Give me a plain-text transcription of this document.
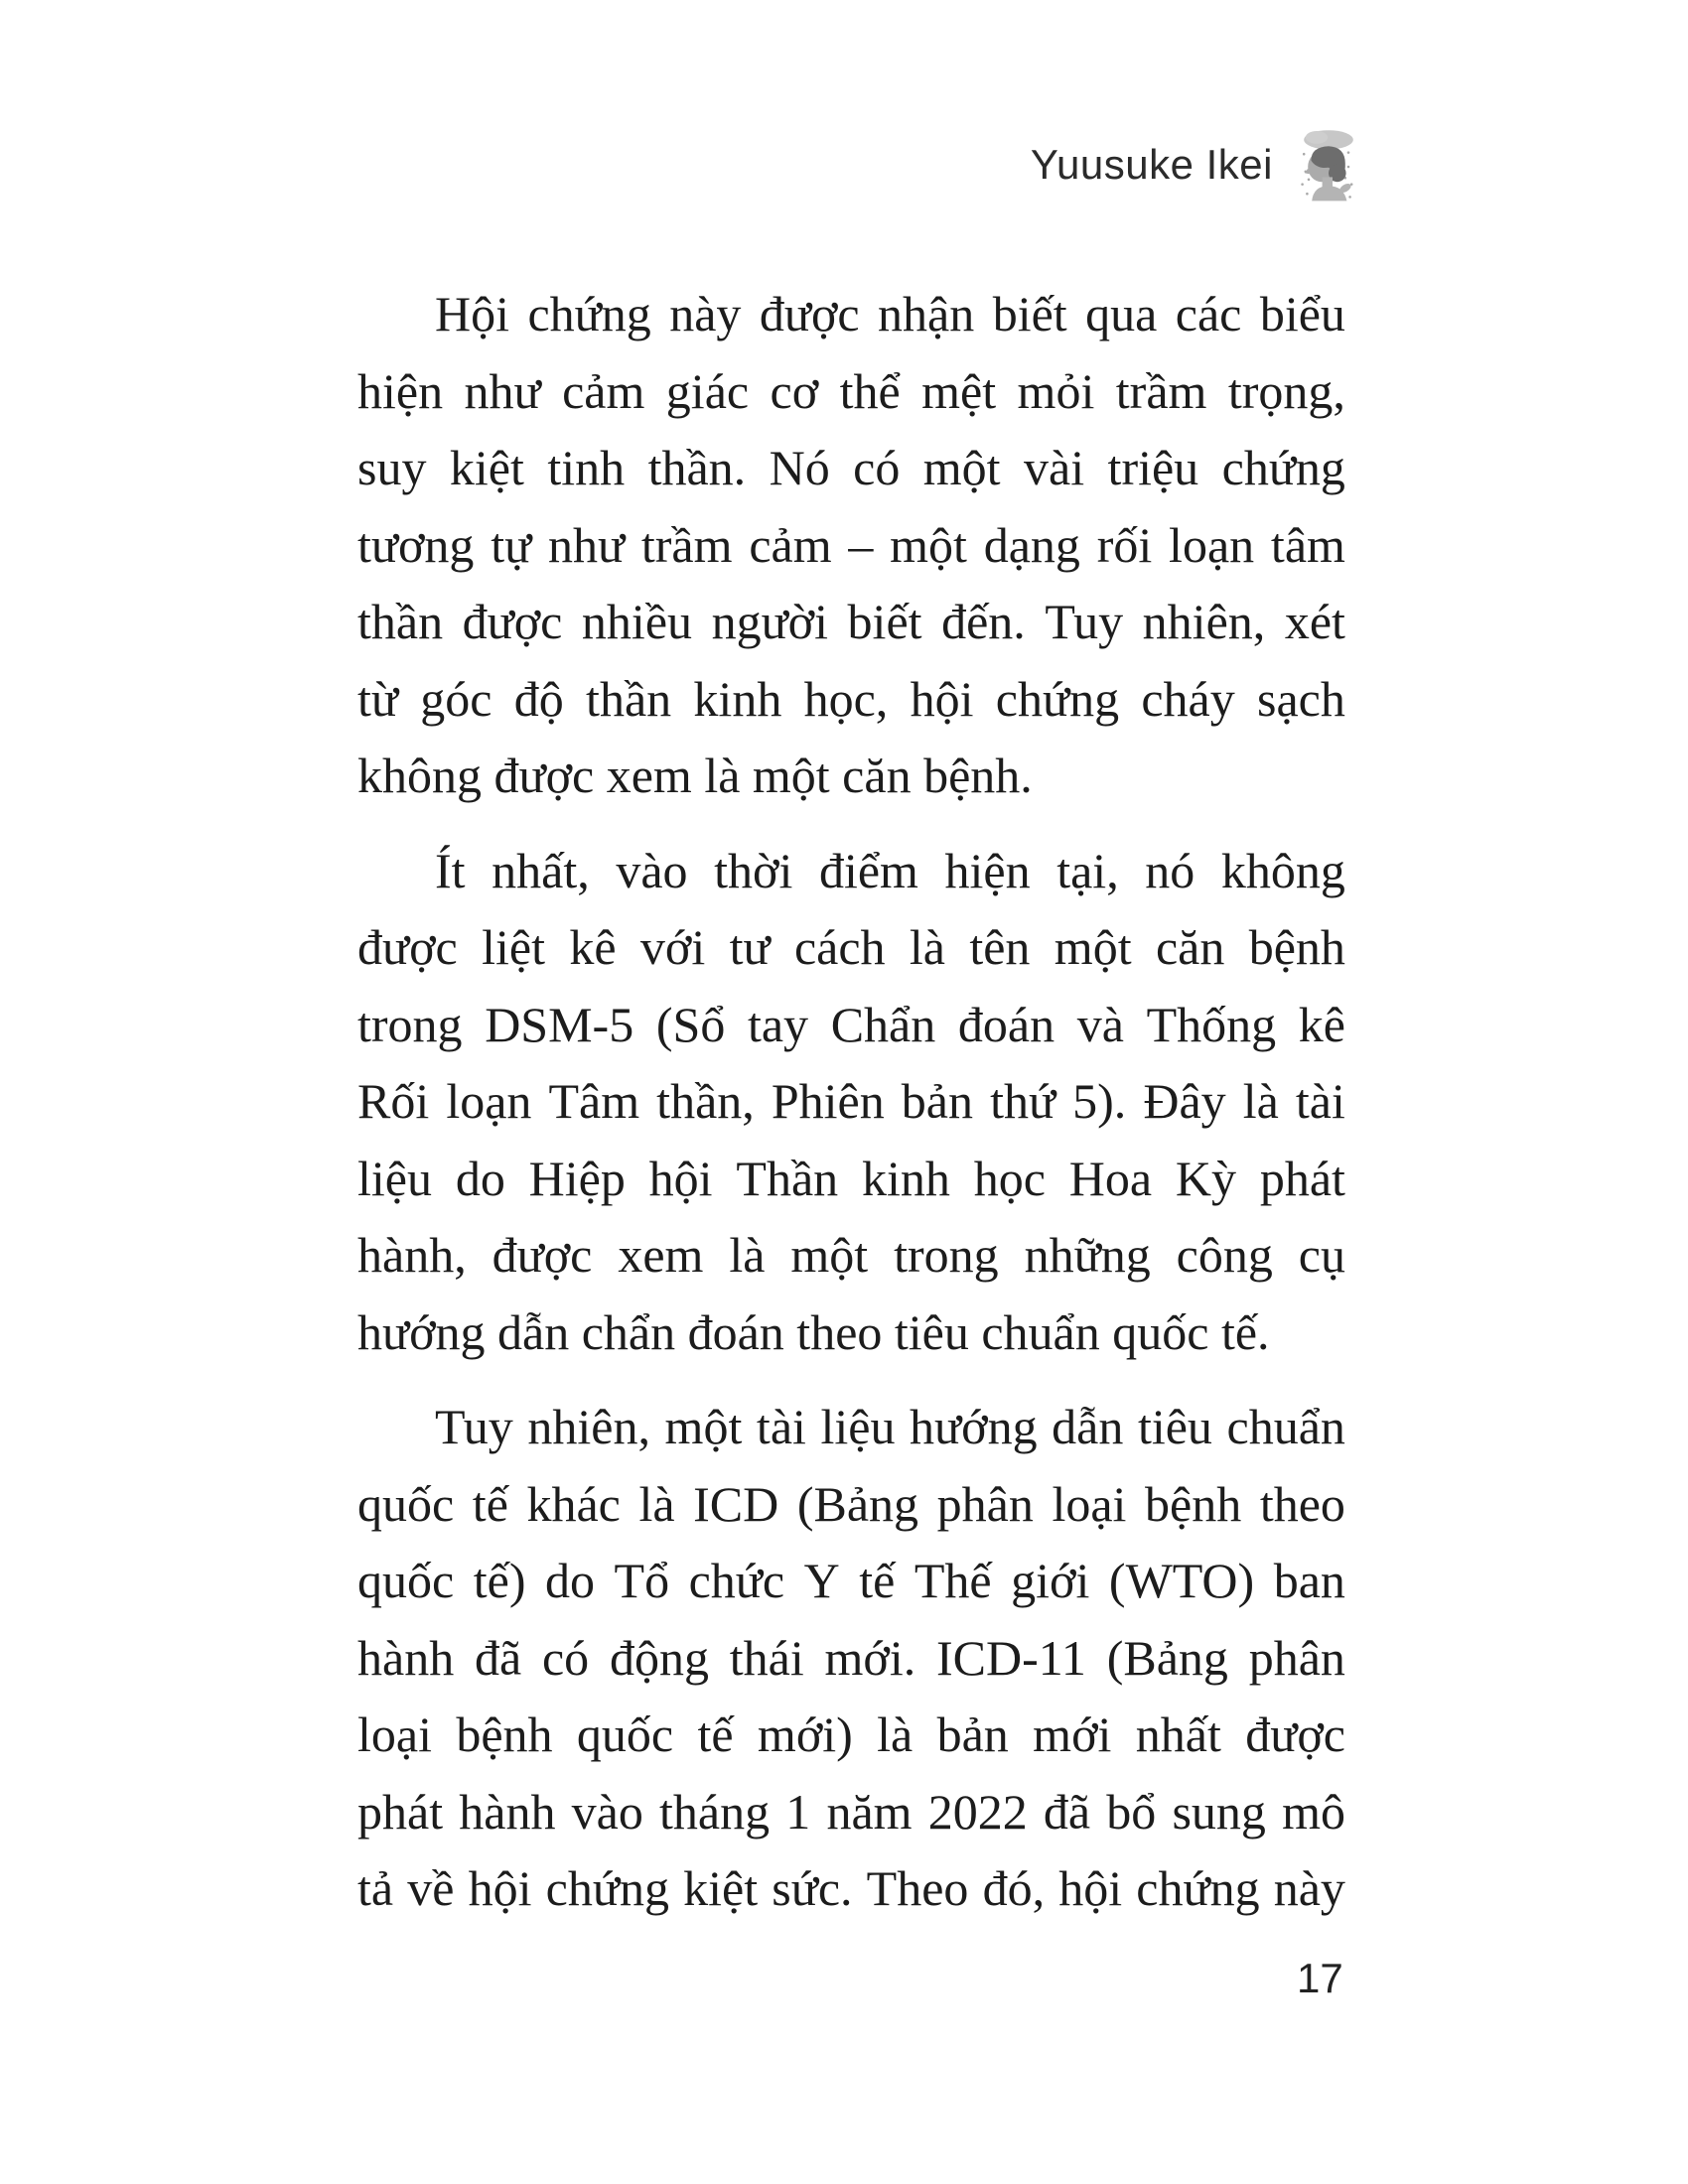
Yuusuke Ikei
Hội chứng này được nhận biết qua các biểu
hiện như cảm giác cơ thể mệt mỏi trầm trọng,
suy kiệt tinh thần. Nó có một vài triệu chứng
tương tự như trầm cảm – một dạng rối loạn tâm
thần được nhiều người biết đến. Tuy nhiên, xét
từ góc độ thần kinh học, hội chứng cháy sạch
không được xem là một căn bệnh.
Ít nhất, vào thời điểm hiện tại, nó không
được liệt kê với tư cách là tên một căn bệnh
trong DSM-5 (Sổ tay Chẩn đoán và Thống kê
Rối loạn Tâm thần, Phiên bản thứ 5). Đây là tài
liệu do Hiệp hội Thần kinh học Hoa Kỳ phát
hành, được xem là một trong những công cụ
hướng dẫn chẩn đoán theo tiêu chuẩn quốc tế.
Tuy nhiên, một tài liệu hướng dẫn tiêu chuẩn
quốc tế khác là ICD (Bảng phân loại bệnh theo
quốc tế) do Tổ chức Y tế Thế giới (WTO) ban
hành đã có động thái mới. ICD-11 (Bảng phân
loại bệnh quốc tế mới) là bản mới nhất được
phát hành vào tháng 1 năm 2022 đã bổ sung mô
tả về hội chứng kiệt sức. Theo đó, hội chứng này
17
